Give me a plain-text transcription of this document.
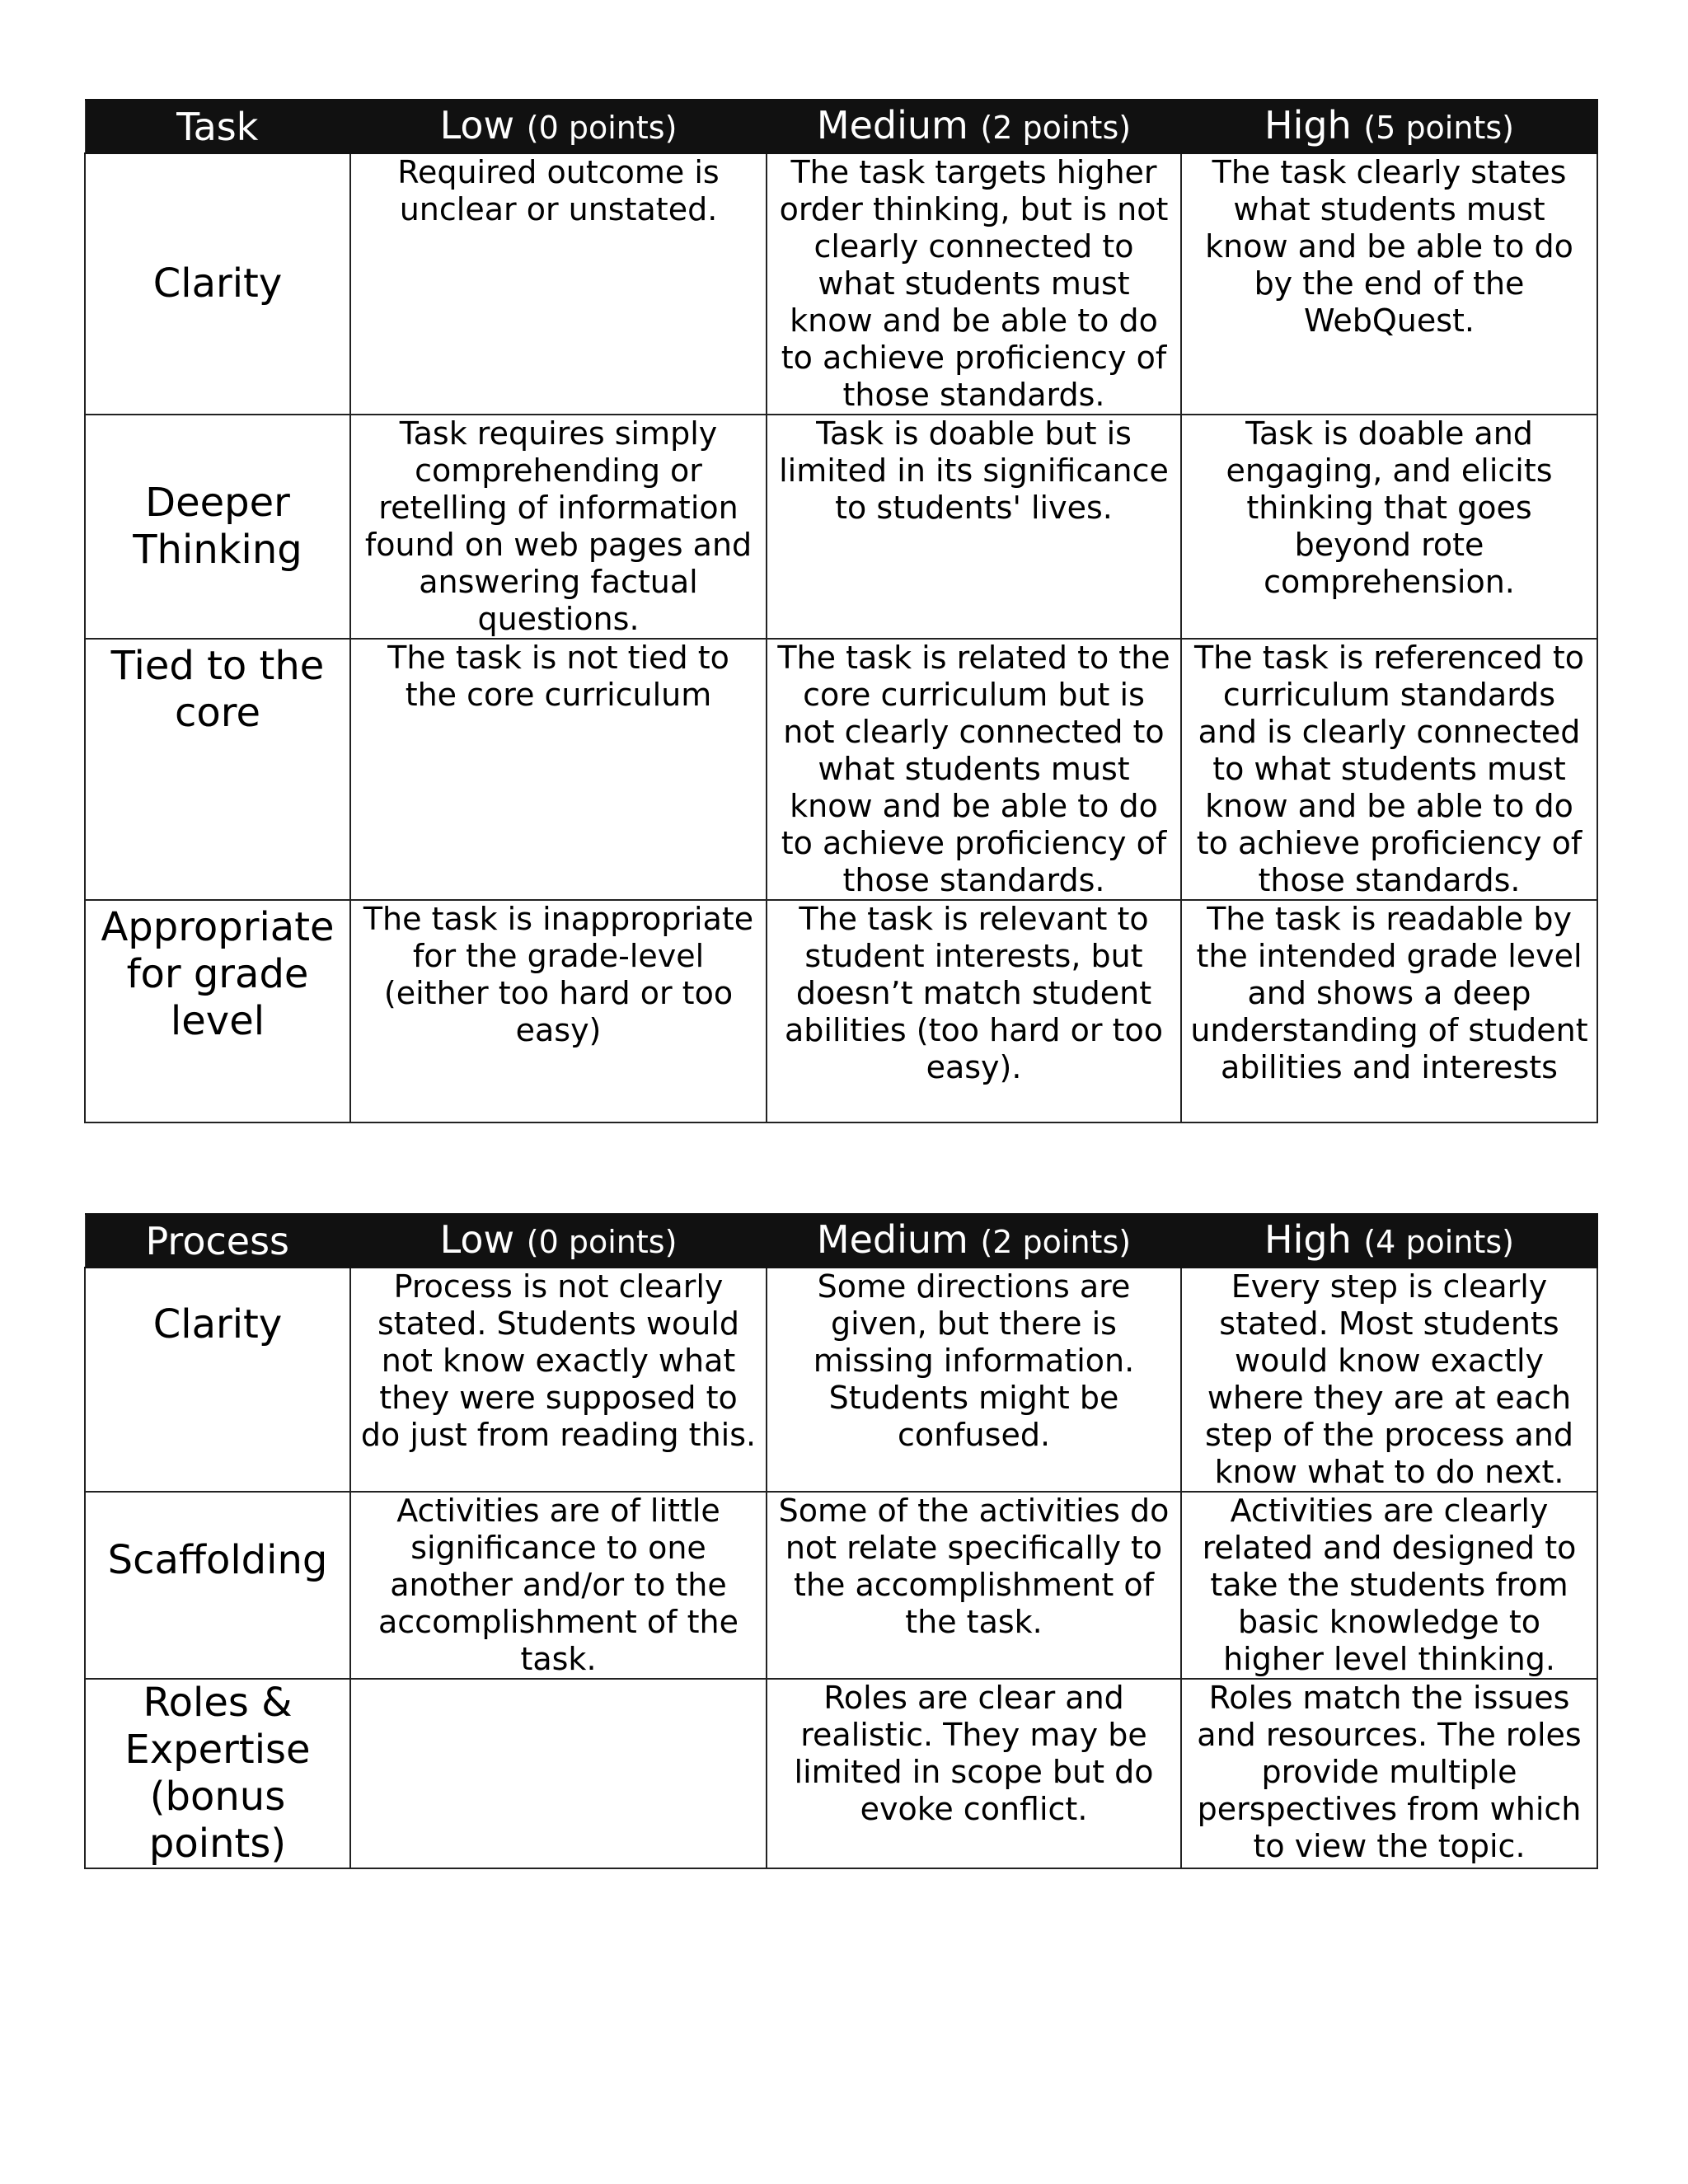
Task	Low (0 points)	Medium (2 points)	High (5 points)
Clarity	Required outcome is unclear or unstated.	The task targets higher order thinking, but is not clearly connected to what students must know and be able to do to achieve proficiency of those standards.	The task clearly states what students must know and be able to do by the end of the WebQuest.
Deeper Thinking	Task requires simply comprehending or retelling of information found on web pages and answering factual questions.	Task is doable but is limited in its significance to students' lives.	Task is doable and engaging, and elicits thinking that goes beyond rote comprehension.
Tied to the core	The task is not tied to the core curriculum	The task is related to the core curriculum but is not clearly connected to what students must know and be able to do to achieve proficiency of those standards.	The task is referenced to curriculum standards and is clearly connected to what students must know and be able to do to achieve proficiency of those standards.
Appropriate for grade level	The task is inappropriate for the grade-level (either too hard or too easy)	The task is relevant to student interests, but doesn’t match student abilities (too hard or too easy).	The task is readable by the intended grade level and shows a deep understanding of student abilities and interests
Process	Low (0 points)	Medium (2 points)	High (4 points)
Clarity	Process is not clearly stated. Students would not know exactly what they were supposed to do just from reading this.	Some directions are given, but there is missing information. Students might be confused.	Every step is clearly stated. Most students would know exactly where they are at each step of the process and know what to do next.
Scaffolding	Activities are of little significance to one another and/or to the accomplishment of the task.	Some of the activities do not relate specifically to the accomplishment of the task.	Activities are clearly related and designed to take the students from basic knowledge to higher level thinking.
Roles & Expertise (bonus points)		Roles are clear and realistic. They may be limited in scope but do evoke conflict.	Roles match the issues and resources. The roles provide multiple perspectives from which to view the topic.
